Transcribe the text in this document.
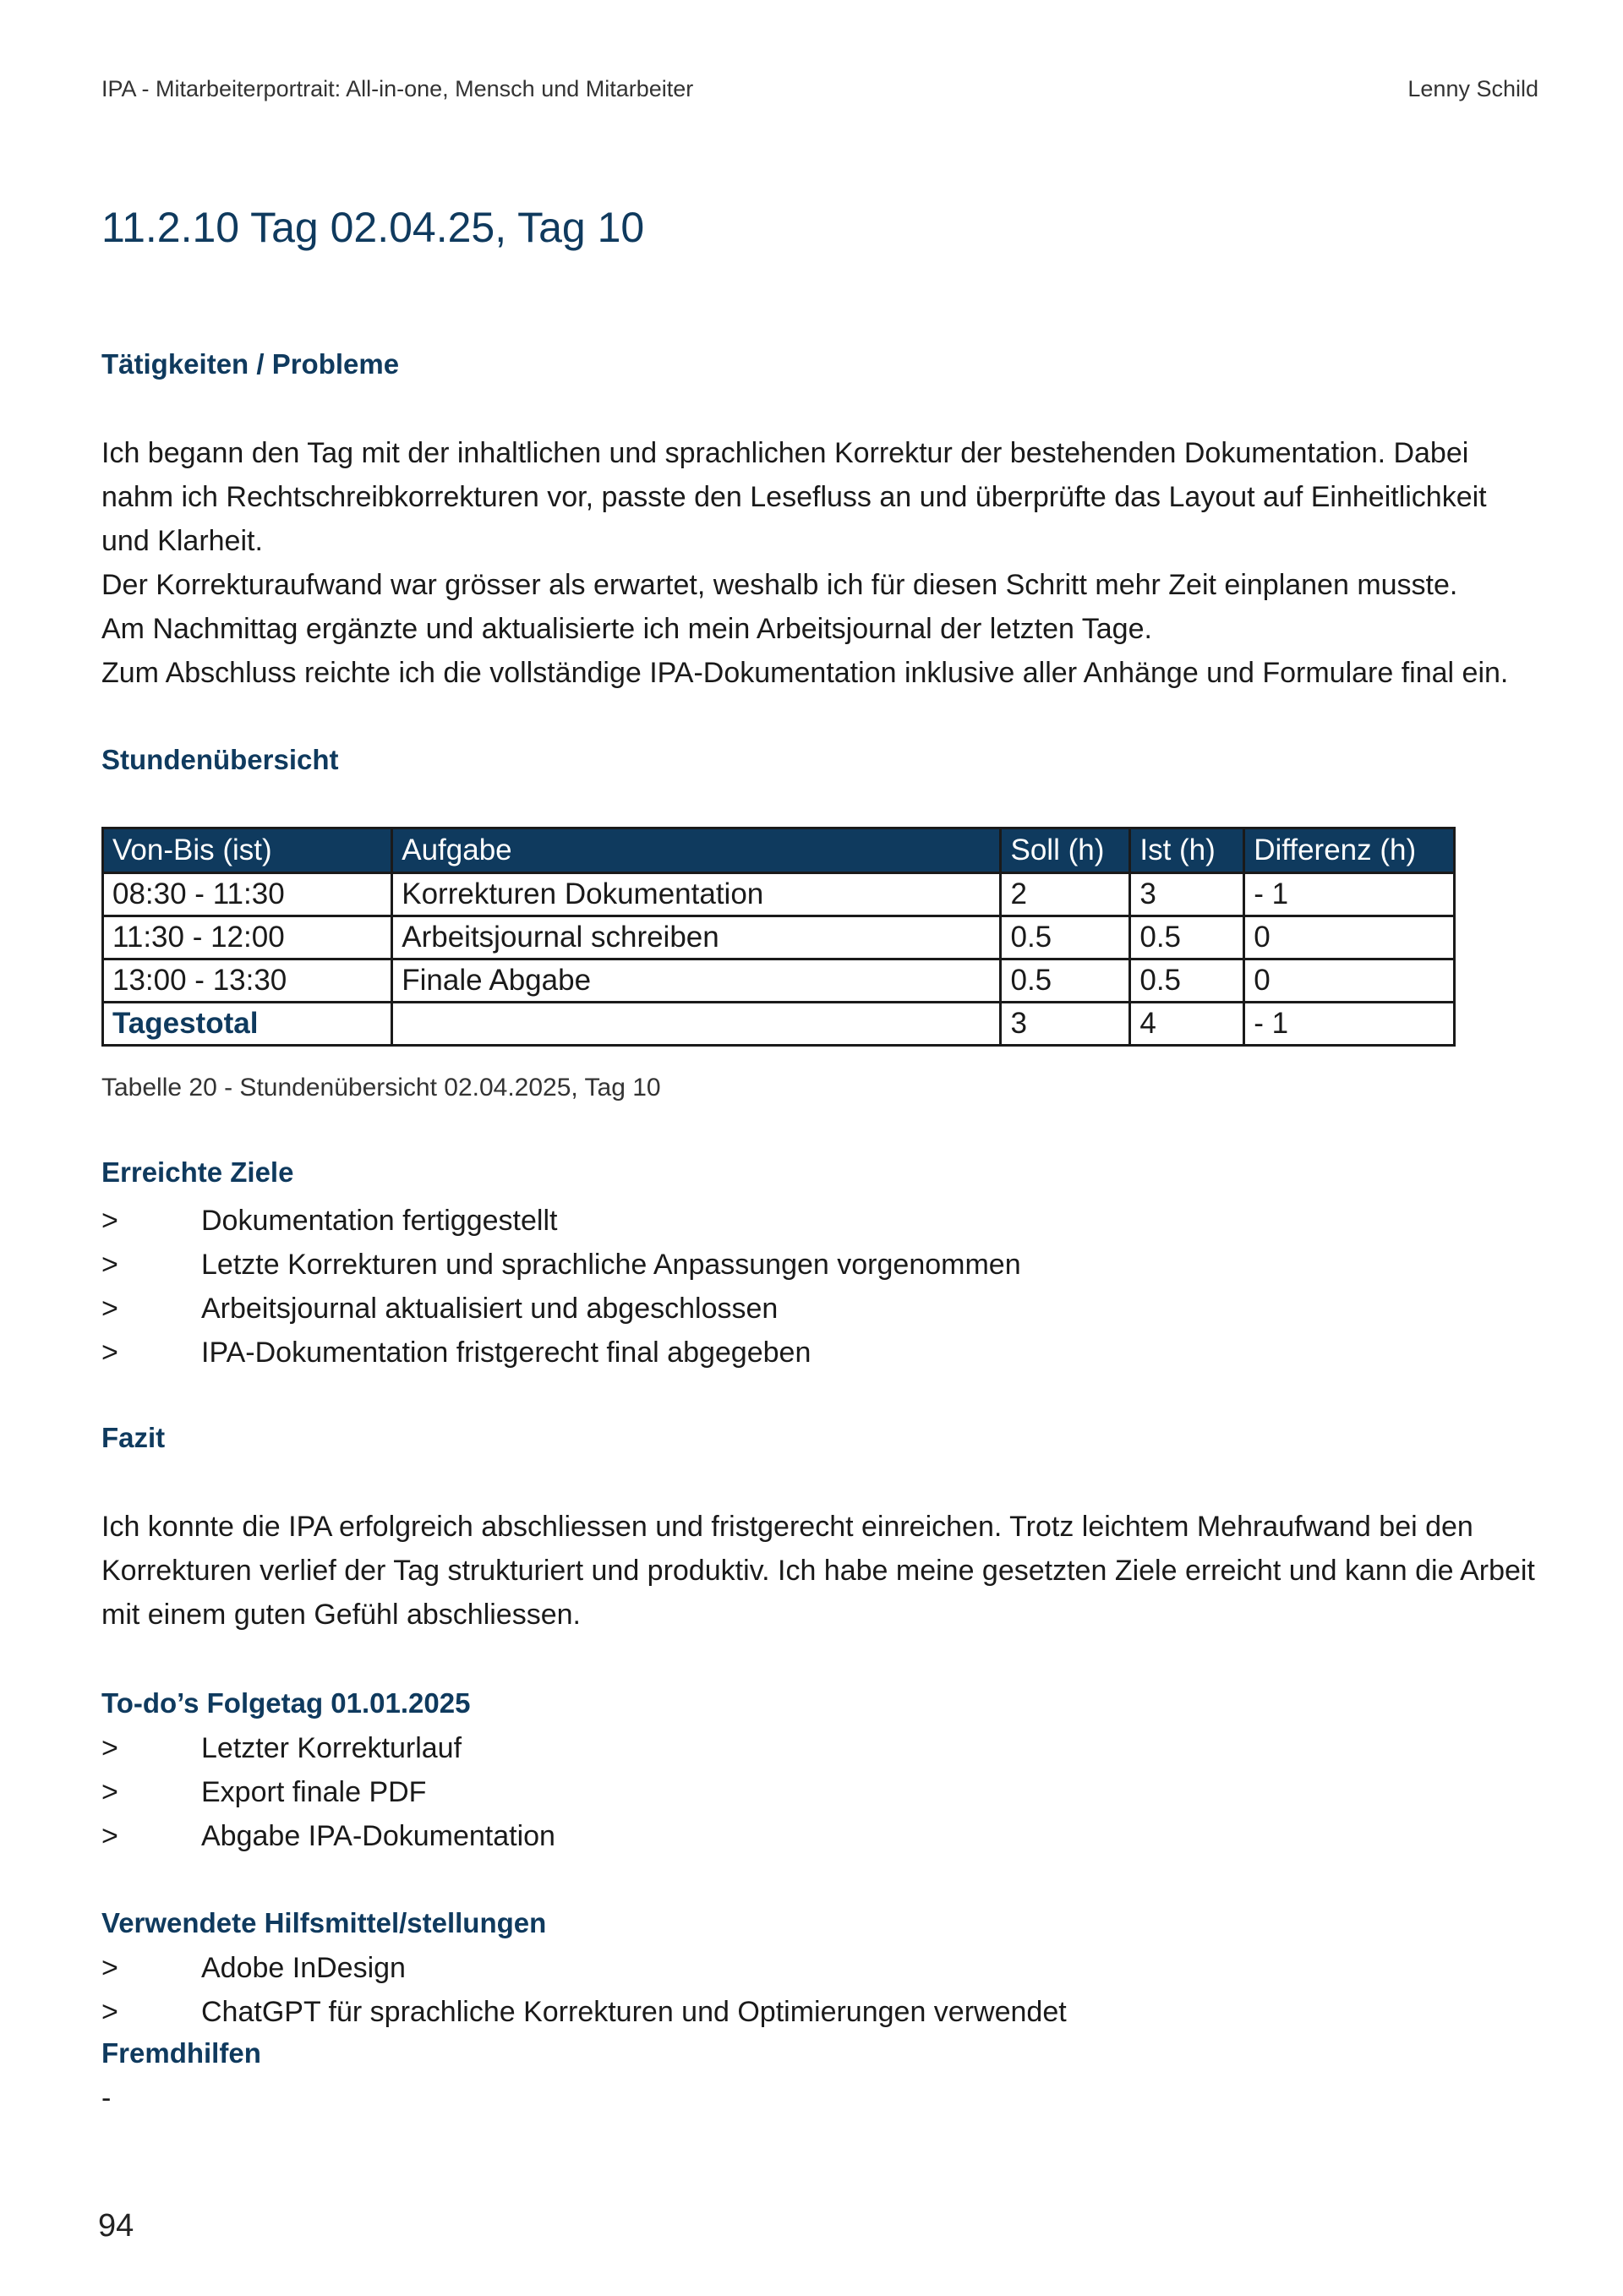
IPA - Mitarbeiterportrait: All-in-one, Mensch und Mitarbeiter	Lenny Schild
11.2.10 Tag 02.04.25, Tag 10
Tätigkeiten / Probleme

Ich begann den Tag mit der inhaltlichen und sprachlichen Korrektur der bestehenden Dokumentation. Dabei nahm ich Rechtschreibkorrekturen vor, passte den Lesefluss an und überprüfte das Layout auf Einheitlichkeit und Klarheit.

Der Korrekturaufwand war grösser als erwartet, weshalb ich für diesen Schritt mehr Zeit einplanen musste.

Am Nachmittag ergänzte und aktualisierte ich mein Arbeitsjournal der letzten Tage.

Zum Abschluss reichte ich die vollständige IPA-Dokumentation inklusive aller Anhänge und Formulare final ein.

Stundenübersicht
Von-Bis (ist)	Aufgabe	Soll (h)	Ist (h)	Differenz (h)
08:30 - 11:30	Korrekturen Dokumentation	2	3	- 1
11:30 - 12:00	Arbeitsjournal schreiben	0.5	0.5	0
13:00 - 13:30	Finale Abgabe	0.5	0.5	0
Tagestotal		3	4	- 1
Tabelle 20 - Stundenübersicht 02.04.2025, Tag 10
Erreichte Ziele
>	Dokumentation fertiggestellt
>	Letzte Korrekturen und sprachliche Anpassungen vorgenommen
>	Arbeitsjournal aktualisiert und abgeschlossen
>	IPA-Dokumentation fristgerecht final abgegeben
Fazit

Ich konnte die IPA erfolgreich abschliessen und fristgerecht einreichen. Trotz leichtem Mehraufwand bei den Korrekturen verlief der Tag strukturiert und produktiv. Ich habe meine gesetzten Ziele erreicht und kann die Arbeit mit einem guten Gefühl abschliessen.

To-do’s Folgetag 01.01.2025
>	Letzter Korrekturlauf
>	Export finale PDF
>	Abgabe IPA-Dokumentation
Verwendete Hilfsmittel/stellungen
>	Adobe InDesign
>	ChatGPT für sprachliche Korrekturen und Optimierungen verwendet
Fremdhilfen

-

94
